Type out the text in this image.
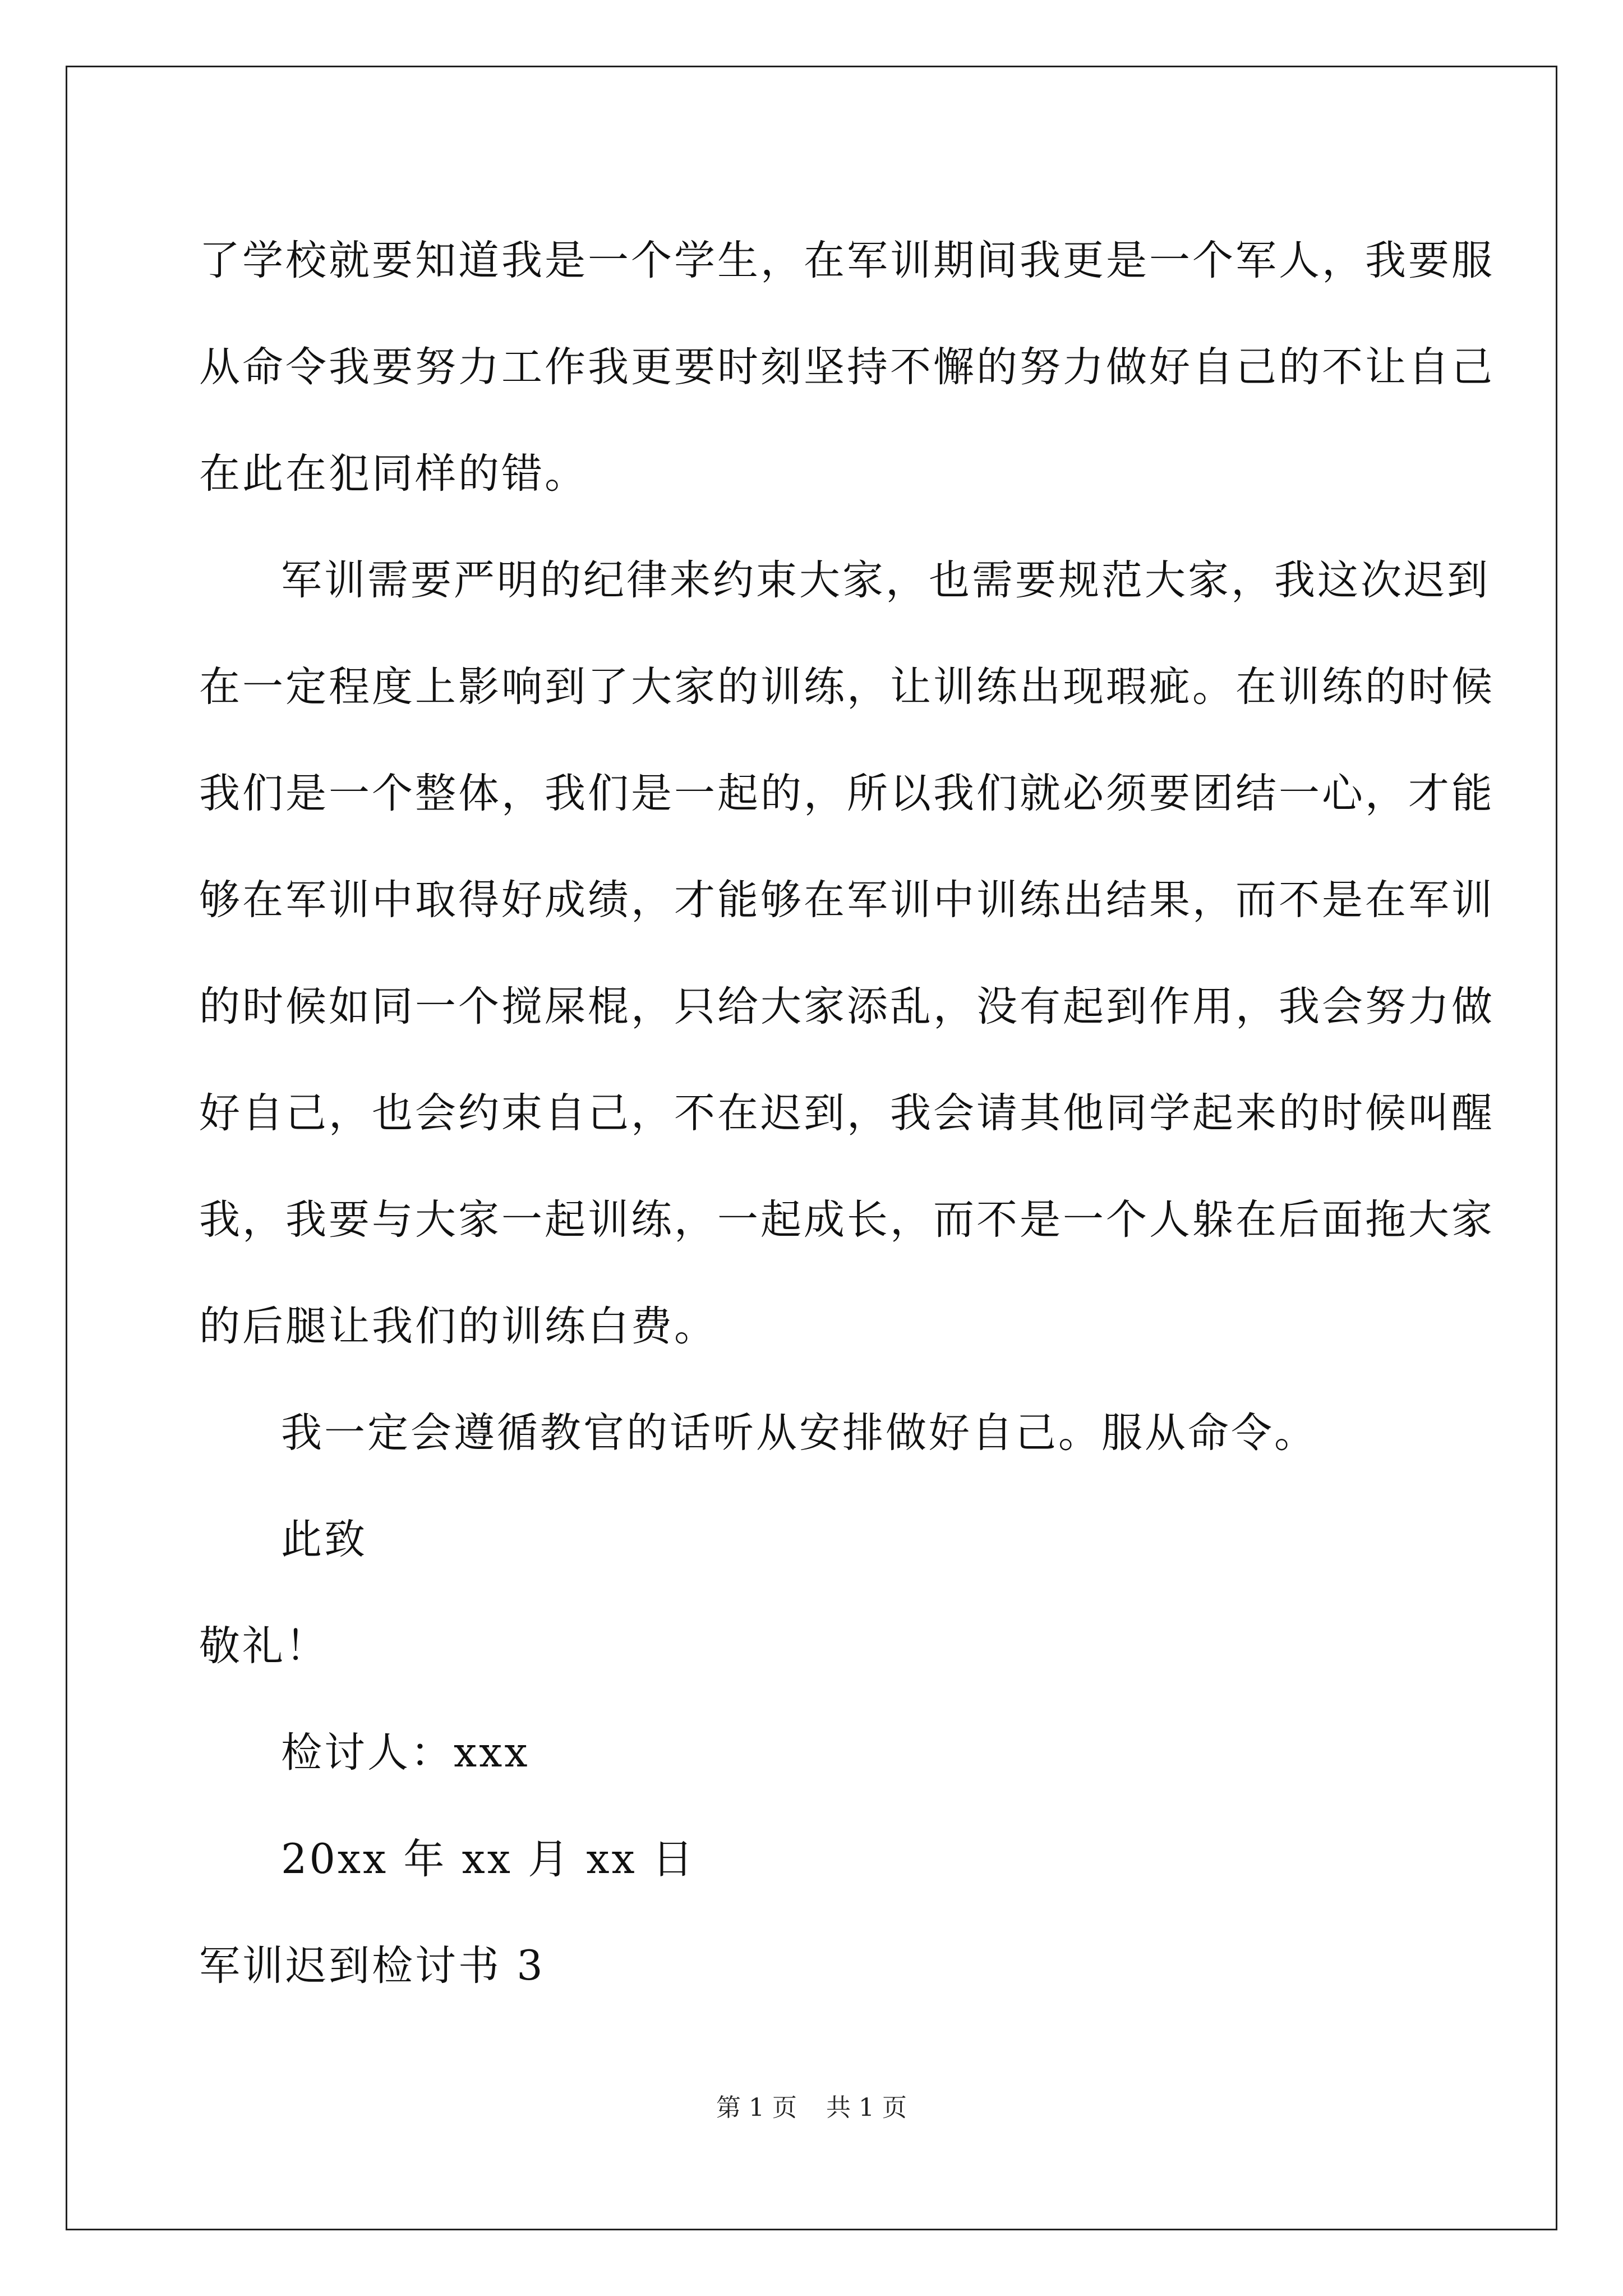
了学校就要知道我是一个学生，在军训期间我更是一个军人，我要服
从命令我要努力工作我更要时刻坚持不懈的努力做好自己的不让自己
在此在犯同样的错。
军训需要严明的纪律来约束大家，也需要规范大家，我这次迟到
在一定程度上影响到了大家的训练，让训练出现瑕疵。在训练的时候
我们是一个整体，我们是一起的，所以我们就必须要团结一心，才能
够在军训中取得好成绩，才能够在军训中训练出结果，而不是在军训
的时候如同一个搅屎棍，只给大家添乱，没有起到作用，我会努力做
好自己，也会约束自己，不在迟到，我会请其他同学起来的时候叫醒
我，我要与大家一起训练，一起成长，而不是一个人躲在后面拖大家
的后腿让我们的训练白费。
我一定会遵循教官的话听从安排做好自己。服从命令。
此致
敬礼！
检讨人：xxx
20xx 年 xx 月 xx 日
军训迟到检讨书 3
第 1 页 共 1 页
